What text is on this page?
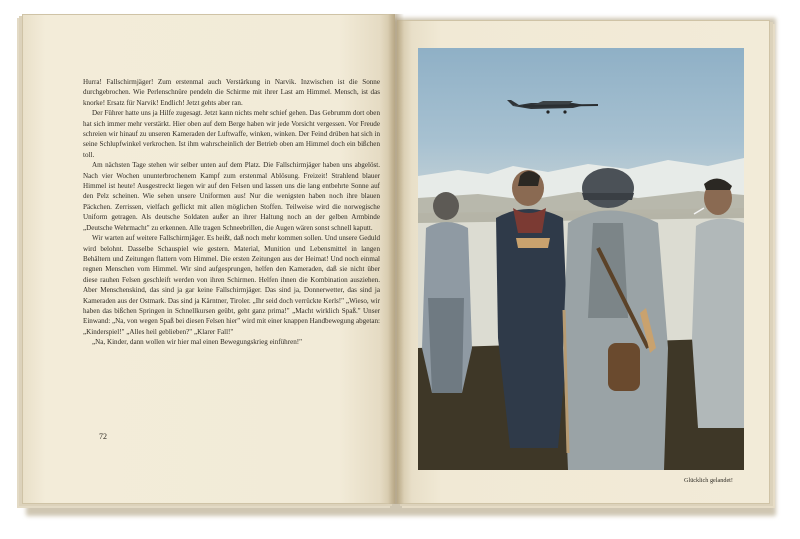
Hurra! Fallschirmjäger! Zum erstenmal auch Verstärkung in Narvik. Inzwischen ist die Sonne durchgebrochen. Wie Perlenschnüre pendeln die Schirme mit ihrer Last am Himmel. Mensch, ist das knorke! Ersatz für Narvik! Endlich! Jetzt gehts aber ran.

Der Führer hatte uns ja Hilfe zugesagt. Jetzt kann nichts mehr schief gehen. Das Gebrumm dort oben hat sich immer mehr verstärkt. Hier oben auf dem Berge haben wir jede Vorsicht vergessen. Vor Freude schreien wir hinauf zu unseren Kameraden der Luftwaffe, winken, winken. Der Feind drüben hat sich in seine Schlupfwinkel verkrochen. Ist ihm wahrscheinlich der Betrieb oben am Himmel doch ein bißchen toll.

Am nächsten Tage stehen wir selber unten auf dem Platz. Die Fallschirmjäger haben uns abgelöst. Nach vier Wochen ununterbrochenem Kampf zum erstenmal Ablösung. Freizeit! Strahlend blauer Himmel ist heute! Ausgestreckt liegen wir auf den Felsen und lassen uns die lang entbehrte Sonne auf den Pelz scheinen. Wie sehen unsere Uniformen aus! Nur die wenigsten haben noch ihre blauen Päckchen. Zerrissen, vielfach geflickt mit allen möglichen Stoffen. Teilweise wird die norwegische Uniform getragen. Als deutsche Soldaten außer an ihrer Haltung noch an der gelben Armbinde „Deutsche Wehrmacht" zu erkennen. Alle tragen Schneebrillen, die Augen wären sonst schnell kaputt.

Wir warten auf weitere Fallschirmjäger. Es heißt, daß noch mehr kommen sollen. Und unsere Geduld wird belohnt. Dasselbe Schauspiel wie gestern. Material, Munition und Lebensmittel in langen Behältern und Zeitungen flattern vom Himmel. Die ersten Zeitungen aus der Heimat! Und noch einmal regnen Menschen vom Himmel. Wir sind aufgesprungen, helfen den Kameraden, daß sie nicht über diese rauhen Felsen geschleift werden von ihren Schirmen. Helfen ihnen die Kombination ausziehen. Aber Menschenskind, das sind ja gar keine Fallschirmjäger. Das sind ja, Donnerwetter, das sind ja Kameraden aus der Ostmark. Das sind ja Kärntner, Tiroler. „Ihr seid doch verrückte Kerls!" „Wieso, wir haben das bißchen Springen in Schnellkursen geübt, geht ganz prima!" „Macht wirklich Spaß." Unser Einwand: „Na, von wegen Spaß bei diesen Felsen hier" wird mit einer knappen Handbewegung abgetan: „Kinderspiel!" „Alles heil geblieben?" „Klarer Fall!"

„Na, Kinder, dann wollen wir hier mal einen Bewegungskrieg einführen!"

72
Glücklich gelandet!
